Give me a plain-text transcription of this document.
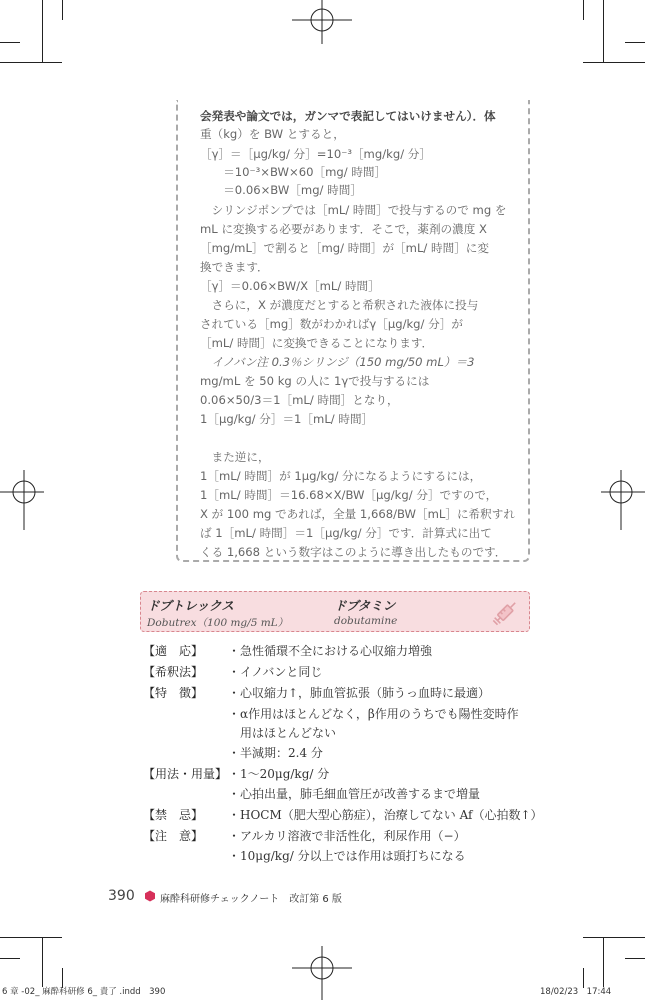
会発表や論文では，ガンマで表記してはいけません）．体
重（kg）を BW とすると，
［γ］＝［μg/kg/ 分］=10⁻³［mg/kg/ 分］
　　＝10⁻³×BW×60［mg/ 時間］
　　＝0.06×BW［mg/ 時間］
　シリンジポンプでは［mL/ 時間］で投与するので mg を
mL に変換する必要があります．そこで，薬剤の濃度 X
［mg/mL］で割ると［mg/ 時間］が［mL/ 時間］に変
換できます．
［γ］＝0.06×BW/X［mL/ 時間］
　さらに，X が濃度だとすると希釈された液体に投与
されている［mg］数がわかればγ［μg/kg/ 分］が
［mL/ 時間］に変換できることになります．
　イノバン注 0.3％シリンジ（150 mg/50 mL）＝3
mg/mL を 50 kg の人に 1γで投与するには
0.06×50/3＝1［mL/ 時間］となり，
1［μg/kg/ 分］＝1［mL/ 時間］
　また逆に，
1［mL/ 時間］が 1μg/kg/ 分になるようにするには，
1［mL/ 時間］＝16.68×X/BW［μg/kg/ 分］ですので，
X が 100 mg であれば，全量 1,668/BW［mL］に希釈すれ
ば 1［mL/ 時間］＝1［μg/kg/ 分］です．計算式に出て
くる 1,668 という数字はこのように導き出したものです．
ドブトレックス
Dobutrex（100 mg/5 mL）
ドブタミン
dobutamine
【適　応】 ・急性循環不全における心収縮力増強
【希釈法】 ・イノバンと同じ
【特　徴】 ・心収縮力↑，肺血管拡張（肺うっ血時に最適）
・α作用はほとんどなく，β作用のうちでも陽性変時作
　用はほとんどない
・半減期：2.4 分
【用法・用量】 ・1～20μg/kg/ 分
・心拍出量，肺毛細血管圧が改善するまで増量
【禁　忌】 ・HOCM（肥大型心筋症），治療してない Af（心拍数↑）
【注　意】 ・アルカリ溶液で非活性化，利尿作用（−）
・10μg/kg/ 分以上では作用は頭打ちになる
390	麻酔科研修チェックノート　改訂第 6 版
6 章 -02_ 麻酔科研修 6_ 責了 .indd　390	18/02/23　17:44
